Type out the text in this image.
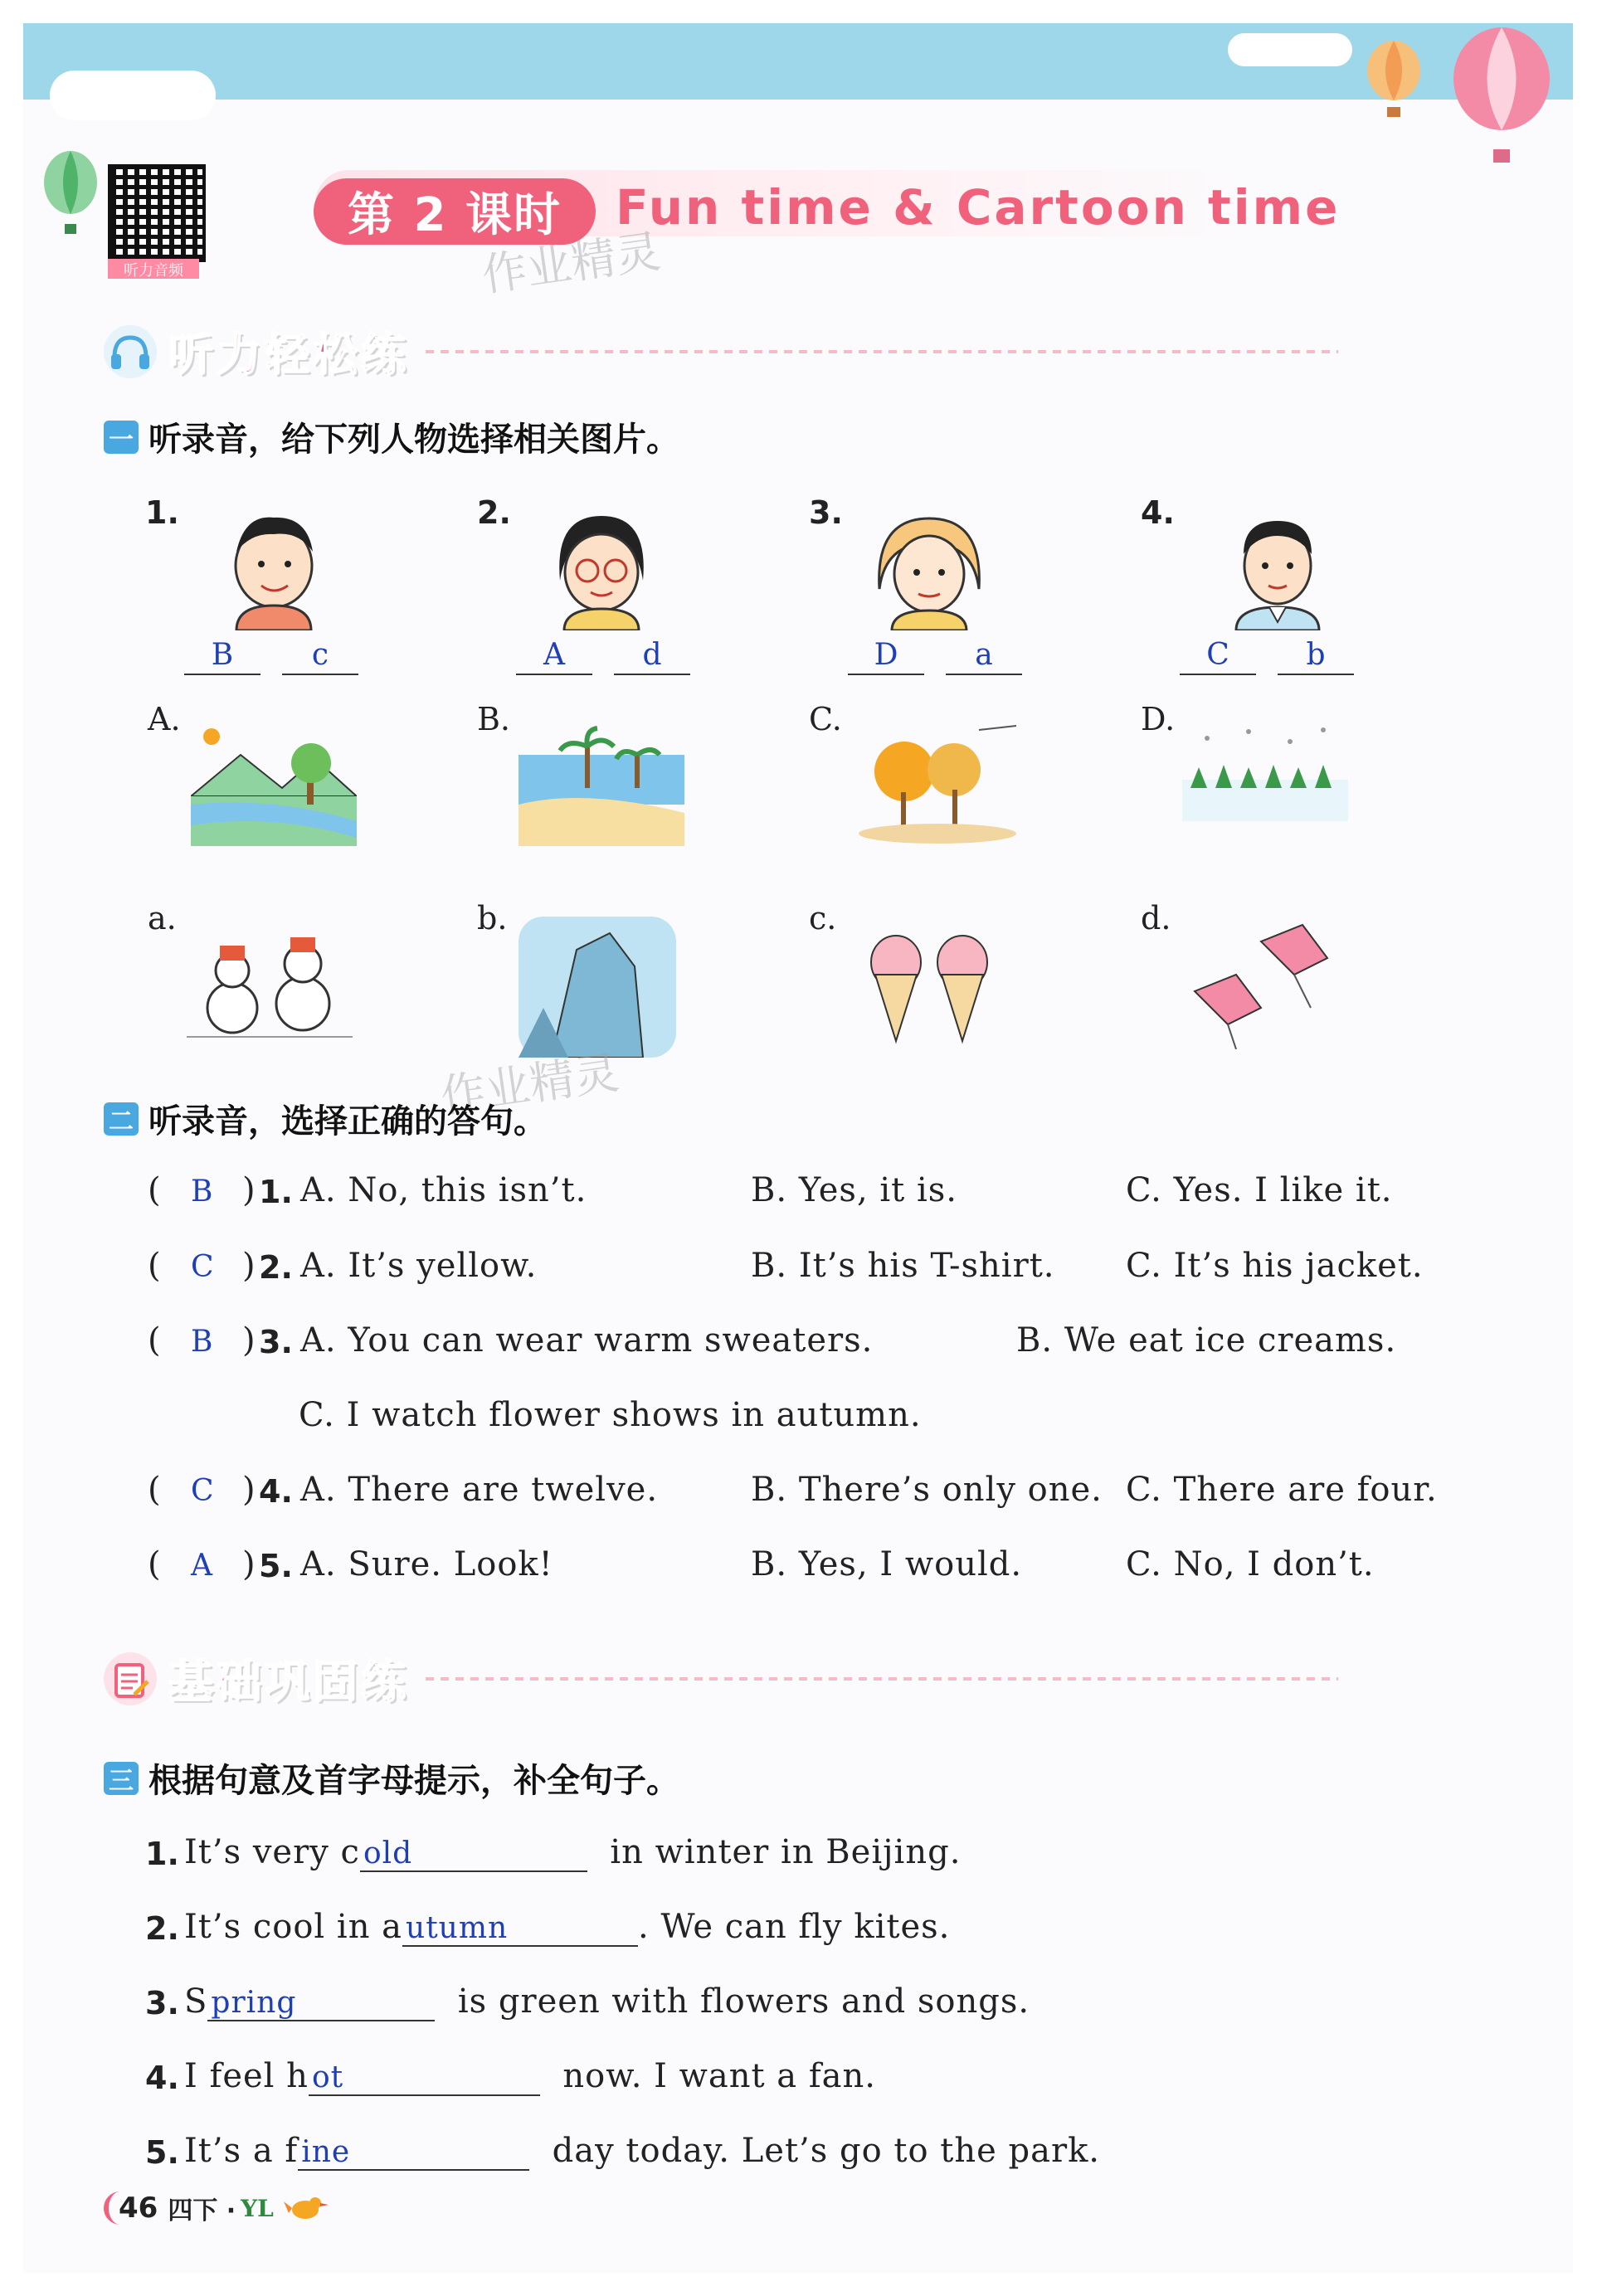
听力音频
第 2 课时	Fun time & Cartoon time
作业精灵
听力轻松练
一 听录音，给下列人物选择相关图片。
1.	2.	3.	4.
B	c	A	d	D	a	C	b
A.	B.	C.	D.
a.	b.	c.	d.
作业精灵
二 听录音，选择正确的答句。
( B ) 1. A. No, this isn’t.	B. Yes, it is.	C. Yes. I like it.
( C ) 2. A. It’s yellow.	B. It’s his T-shirt. C. It’s his jacket.
( B ) 3. A. You can wear warm sweaters.	B. We eat ice creams.
C. I watch flower shows in autumn.
( C ) 4. A. There are twelve.	B. There’s only one. C. There are four.
( A ) 5. A. Sure. Look!	B. Yes, I would.	C. No, I don’t.
基础巩固练
三 根据句意及首字母提示，补全句子。
1. It’s very c old	in winter in Beijing.
2. It’s cool in a utumn	. We can fly kites.
3. S pring	is green with flowers and songs.
4. I feel h ot	now. I want a fan.
5. It’s a f ine	day today. Let’s go to the park.
46 四下 · YL
